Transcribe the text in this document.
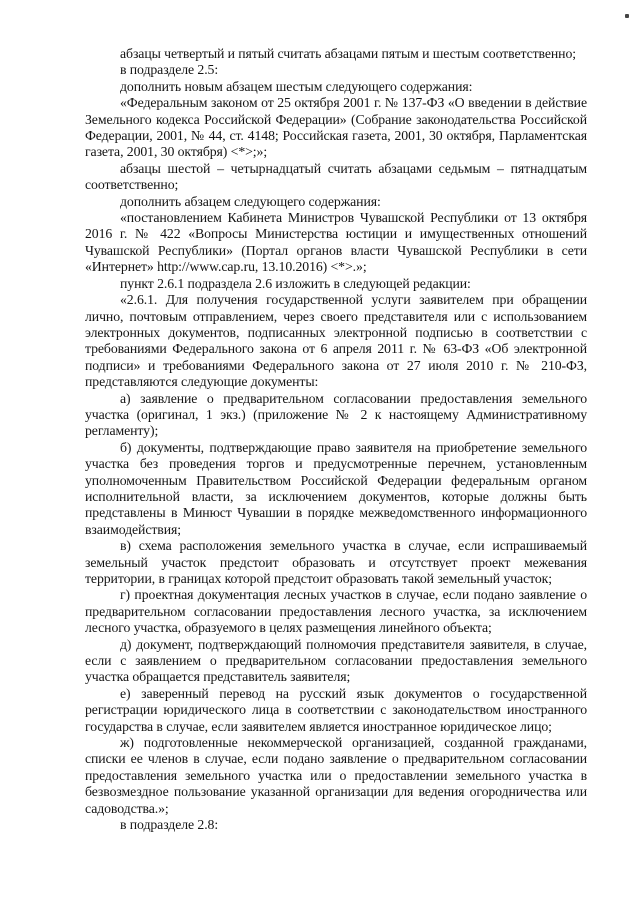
абзацы четвертый и пятый считать абзацами пятым и шестым соответственно;

в подразделе 2.5:

дополнить новым абзацем шестым следующего содержания:

«Федеральным законом от 25 октября 2001 г. № 137-ФЗ «О введении в действие Земельного кодекса Российской Федерации» (Собрание законодательства Российской Федерации, 2001, № 44, ст. 4148; Российская газета, 2001, 30 октября, Парламентская газета, 2001, 30 октября) <*>;»;

абзацы шестой – четырнадцатый считать абзацами седьмым – пятнадцатым соответственно;

дополнить абзацем следующего содержания:

«постановлением Кабинета Министров Чувашской Республики от 13 октября 2016 г. № 422 «Вопросы Министерства юстиции и имущественных отношений Чувашской Республики» (Портал органов власти Чувашской Республики в сети «Интернет» http://www.cap.ru, 13.10.2016) <*>.»;

пункт 2.6.1 подраздела 2.6 изложить в следующей редакции:

«2.6.1. Для получения государственной услуги заявителем при обращении лично, почтовым отправлением, через своего представителя или с использованием электронных документов, подписанных электронной подписью в соответствии с требованиями Федерального закона от 6 апреля 2011 г. № 63-ФЗ «Об электронной подписи» и требованиями Федерального закона от 27 июля 2010 г. № 210-ФЗ, представляются следующие документы:

а) заявление о предварительном согласовании предоставления земельного участка (оригинал, 1 экз.) (приложение № 2 к настоящему Административному регламенту);

б) документы, подтверждающие право заявителя на приобретение земельного участка без проведения торгов и предусмотренные перечнем, установленным уполномоченным Правительством Российской Федерации федеральным органом исполнительной власти, за исключением документов, которые должны быть представлены в Минюст Чувашии в порядке межведомственного информационного взаимодействия;

в) схема расположения земельного участка в случае, если испрашиваемый земельный участок предстоит образовать и отсутствует проект межевания территории, в границах которой предстоит образовать такой земельный участок;

г) проектная документация лесных участков в случае, если подано заявление о предварительном согласовании предоставления лесного участка, за исключением лесного участка, образуемого в целях размещения линейного объекта;

д) документ, подтверждающий полномочия представителя заявителя, в случае, если с заявлением о предварительном согласовании предоставления земельного участка обращается представитель заявителя;

е) заверенный перевод на русский язык документов о государственной регистрации юридического лица в соответствии с законодательством иностранного государства в случае, если заявителем является иностранное юридическое лицо;

ж) подготовленные некоммерческой организацией, созданной гражданами, списки ее членов в случае, если подано заявление о предварительном согласовании предоставления земельного участка или о предоставлении земельного участка в безвозмездное пользование указанной организации для ведения огородничества или садоводства.»;

в подразделе 2.8:
